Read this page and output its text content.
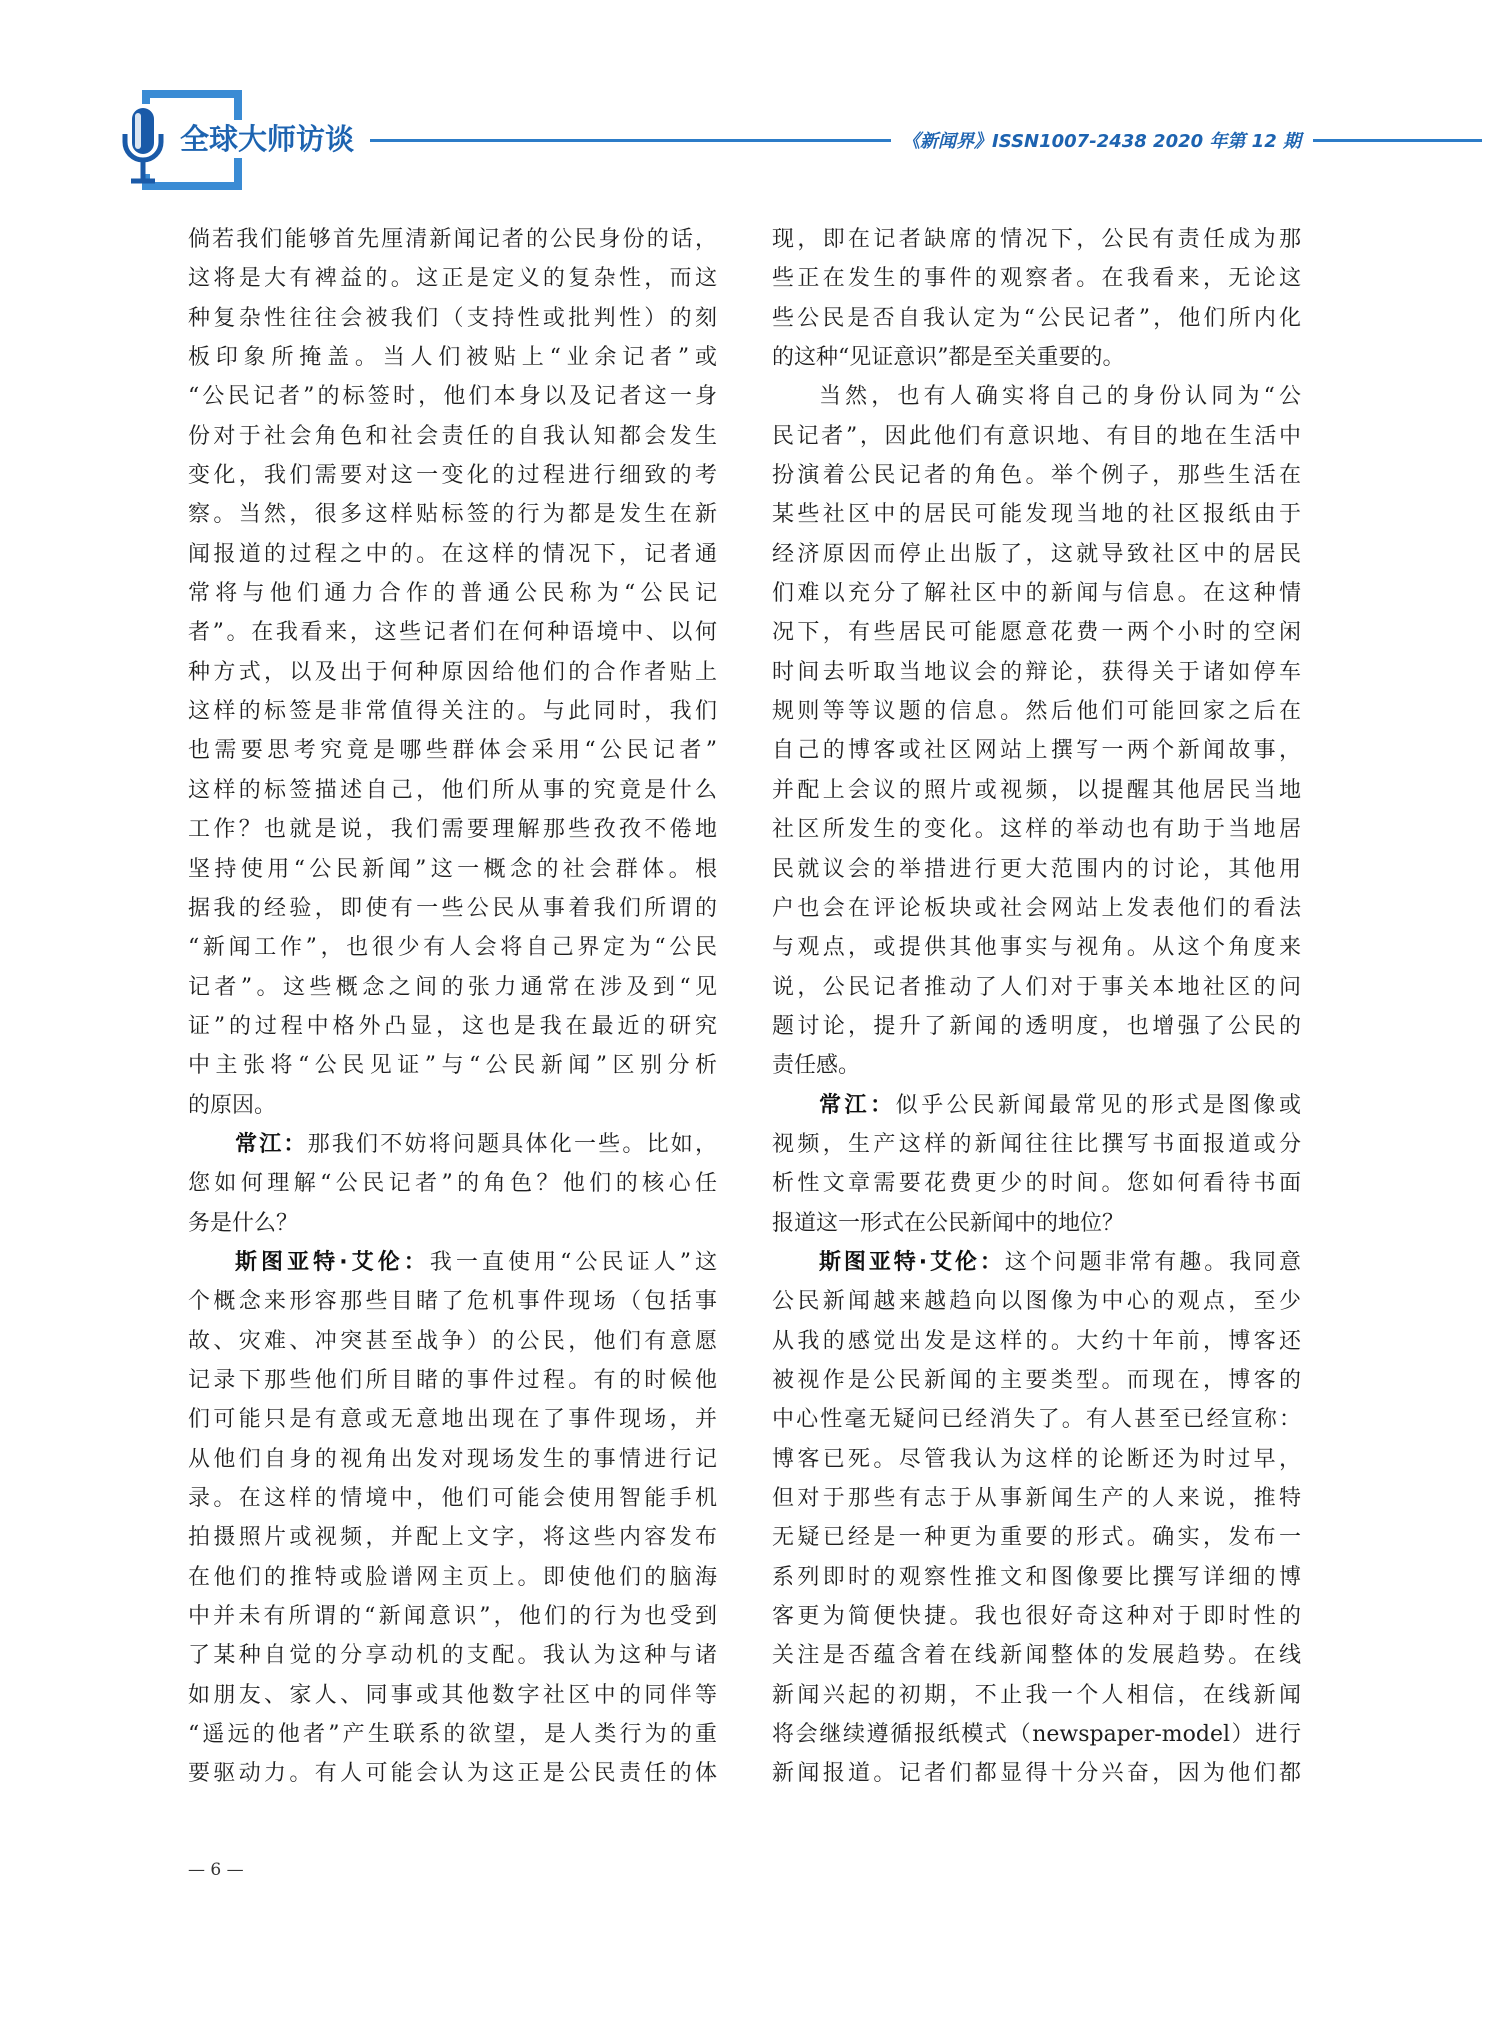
全球大师访谈	《新闻界》ISSN1007-2438 2020 年第 12 期
倘若我们能够首先厘清新闻记者的公民身份的话，
这将是大有裨益的。这正是定义的复杂性，而这
种复杂性往往会被我们（支持性或批判性）的刻
板印象所掩盖。当人们被贴上“业余记者”或
“公民记者”的标签时，他们本身以及记者这一身
份对于社会角色和社会责任的自我认知都会发生
变化，我们需要对这一变化的过程进行细致的考
察。当然，很多这样贴标签的行为都是发生在新
闻报道的过程之中的。在这样的情况下，记者通
常将与他们通力合作的普通公民称为“公民记
者”。在我看来，这些记者们在何种语境中、以何
种方式，以及出于何种原因给他们的合作者贴上
这样的标签是非常值得关注的。与此同时，我们
也需要思考究竟是哪些群体会采用“公民记者”
这样的标签描述自己，他们所从事的究竟是什么
工作？也就是说，我们需要理解那些孜孜不倦地
坚持使用“公民新闻”这一概念的社会群体。根
据我的经验，即使有一些公民从事着我们所谓的
“新闻工作”，也很少有人会将自己界定为“公民
记者”。这些概念之间的张力通常在涉及到“见
证”的过程中格外凸显，这也是我在最近的研究
中主张将“公民见证”与“公民新闻”区别分析
的原因。
常江：那我们不妨将问题具体化一些。比如，
您如何理解“公民记者”的角色？他们的核心任
务是什么？
斯图亚特·艾伦：我一直使用“公民证人”这
个概念来形容那些目睹了危机事件现场（包括事
故、灾难、冲突甚至战争）的公民，他们有意愿
记录下那些他们所目睹的事件过程。有的时候他
们可能只是有意或无意地出现在了事件现场，并
从他们自身的视角出发对现场发生的事情进行记
录。在这样的情境中，他们可能会使用智能手机
拍摄照片或视频，并配上文字，将这些内容发布
在他们的推特或脸谱网主页上。即使他们的脑海
中并未有所谓的“新闻意识”，他们的行为也受到
了某种自觉的分享动机的支配。我认为这种与诸
如朋友、家人、同事或其他数字社区中的同伴等
“遥远的他者”产生联系的欲望，是人类行为的重
要驱动力。有人可能会认为这正是公民责任的体
现，即在记者缺席的情况下，公民有责任成为那
些正在发生的事件的观察者。在我看来，无论这
些公民是否自我认定为“公民记者”，他们所内化
的这种“见证意识”都是至关重要的。
当然，也有人确实将自己的身份认同为“公
民记者”，因此他们有意识地、有目的地在生活中
扮演着公民记者的角色。举个例子，那些生活在
某些社区中的居民可能发现当地的社区报纸由于
经济原因而停止出版了，这就导致社区中的居民
们难以充分了解社区中的新闻与信息。在这种情
况下，有些居民可能愿意花费一两个小时的空闲
时间去听取当地议会的辩论，获得关于诸如停车
规则等等议题的信息。然后他们可能回家之后在
自己的博客或社区网站上撰写一两个新闻故事，
并配上会议的照片或视频，以提醒其他居民当地
社区所发生的变化。这样的举动也有助于当地居
民就议会的举措进行更大范围内的讨论，其他用
户也会在评论板块或社会网站上发表他们的看法
与观点，或提供其他事实与视角。从这个角度来
说，公民记者推动了人们对于事关本地社区的问
题讨论，提升了新闻的透明度，也增强了公民的
责任感。
常江：似乎公民新闻最常见的形式是图像或
视频，生产这样的新闻往往比撰写书面报道或分
析性文章需要花费更少的时间。您如何看待书面
报道这一形式在公民新闻中的地位？
斯图亚特·艾伦：这个问题非常有趣。我同意
公民新闻越来越趋向以图像为中心的观点，至少
从我的感觉出发是这样的。大约十年前，博客还
被视作是公民新闻的主要类型。而现在，博客的
中心性毫无疑问已经消失了。有人甚至已经宣称：
博客已死。尽管我认为这样的论断还为时过早，
但对于那些有志于从事新闻生产的人来说，推特
无疑已经是一种更为重要的形式。确实，发布一
系列即时的观察性推文和图像要比撰写详细的博
客更为简便快捷。我也很好奇这种对于即时性的
关注是否蕴含着在线新闻整体的发展趋势。在线
新闻兴起的初期，不止我一个人相信，在线新闻
将会继续遵循报纸模式（newspaper-model）进行
新闻报道。记者们都显得十分兴奋，因为他们都
— 6 —
